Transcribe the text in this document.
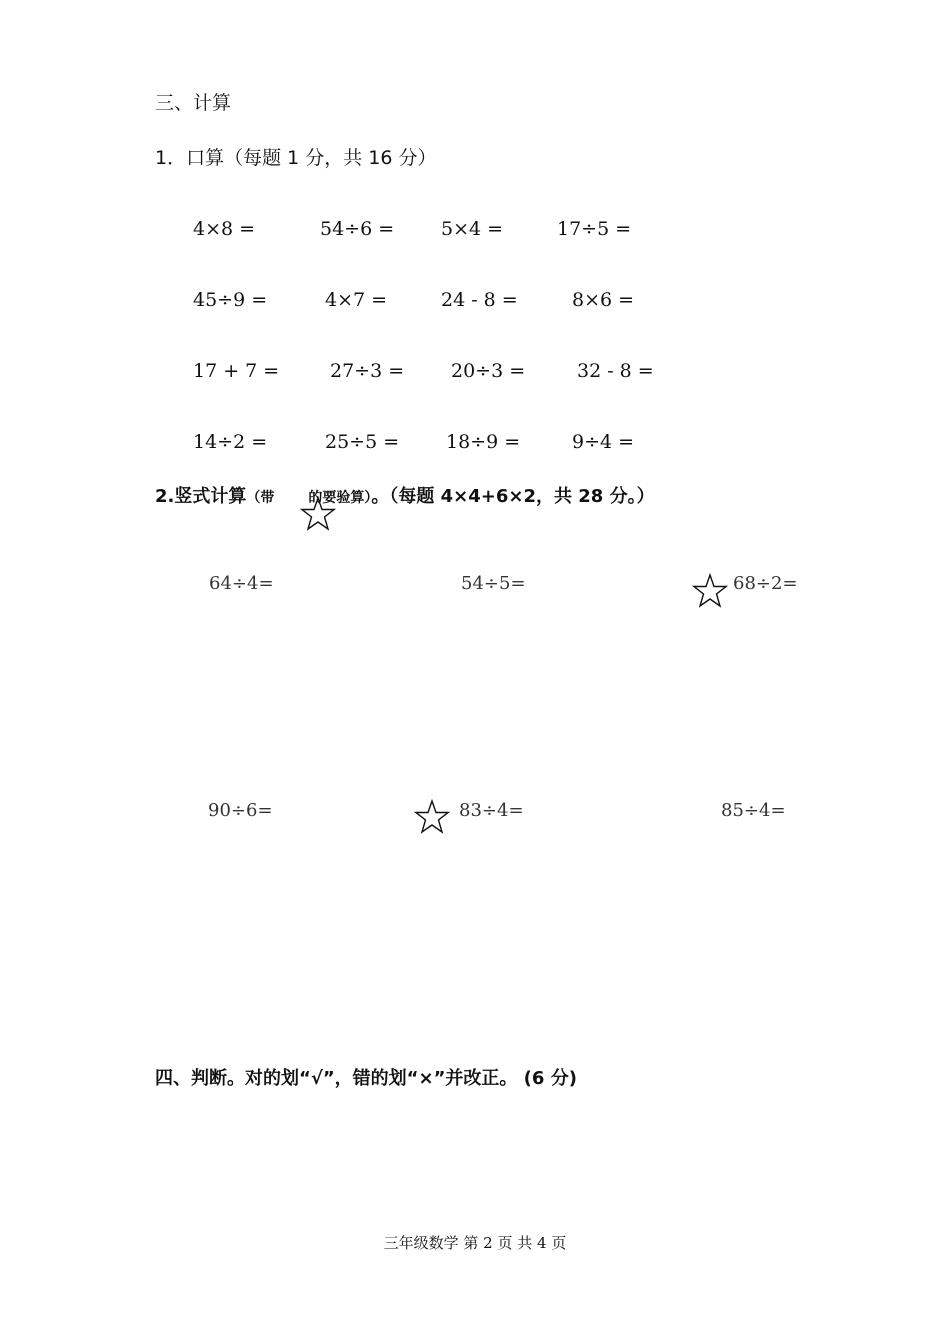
三、计算
1．口算（每题 1 分，共 16 分）
4×8 =	54÷6 = 5×4 =	17÷5 =
45÷9 =	4×7 =	24 - 8 =	8×6 =
17 + 7 =	27÷3 = 20÷3 =	32 - 8 =
14÷2 =	25÷5 = 18÷9 =	9÷4 =
2.竖式计算（带 的要验算）。（每题 4×4+6×2，共 28 分。）
64÷4=	54÷5=	68÷2=
90÷6=	83÷4=	85÷4=
四、判断。对的划“√”，错的划“×”并改正。 (6 分)
三年级数学 第 2 页 共 4 页
